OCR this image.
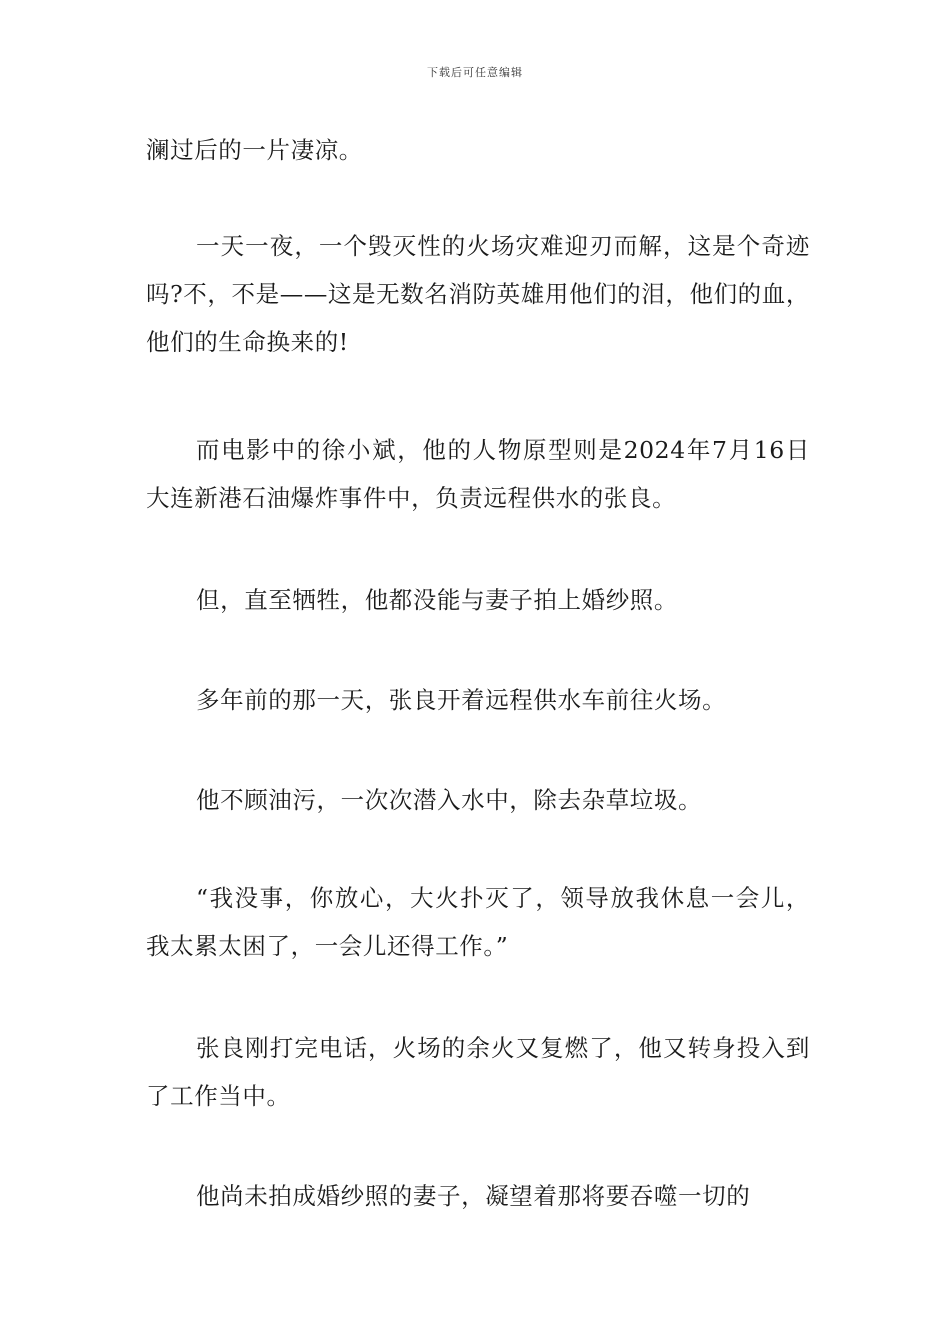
下载后可任意编辑

澜过后的一片凄凉。

一天一夜，一个毁灭性的火场灾难迎刃而解，这是个奇迹吗?不，不是——这是无数名消防英雄用他们的泪，他们的血，他们的生命换来的!

而电影中的徐小斌，他的人物原型则是2024年7月16日大连新港石油爆炸事件中，负责远程供水的张良。

但，直至牺牲，他都没能与妻子拍上婚纱照。

多年前的那一天，张良开着远程供水车前往火场。

他不顾油污，一次次潜入水中，除去杂草垃圾。

“我没事，你放心，大火扑灭了，领导放我休息一会儿，我太累太困了，一会儿还得工作。”

张良刚打完电话，火场的余火又复燃了，他又转身投入到了工作当中。

他尚未拍成婚纱照的妻子，凝望着那将要吞噬一切的
